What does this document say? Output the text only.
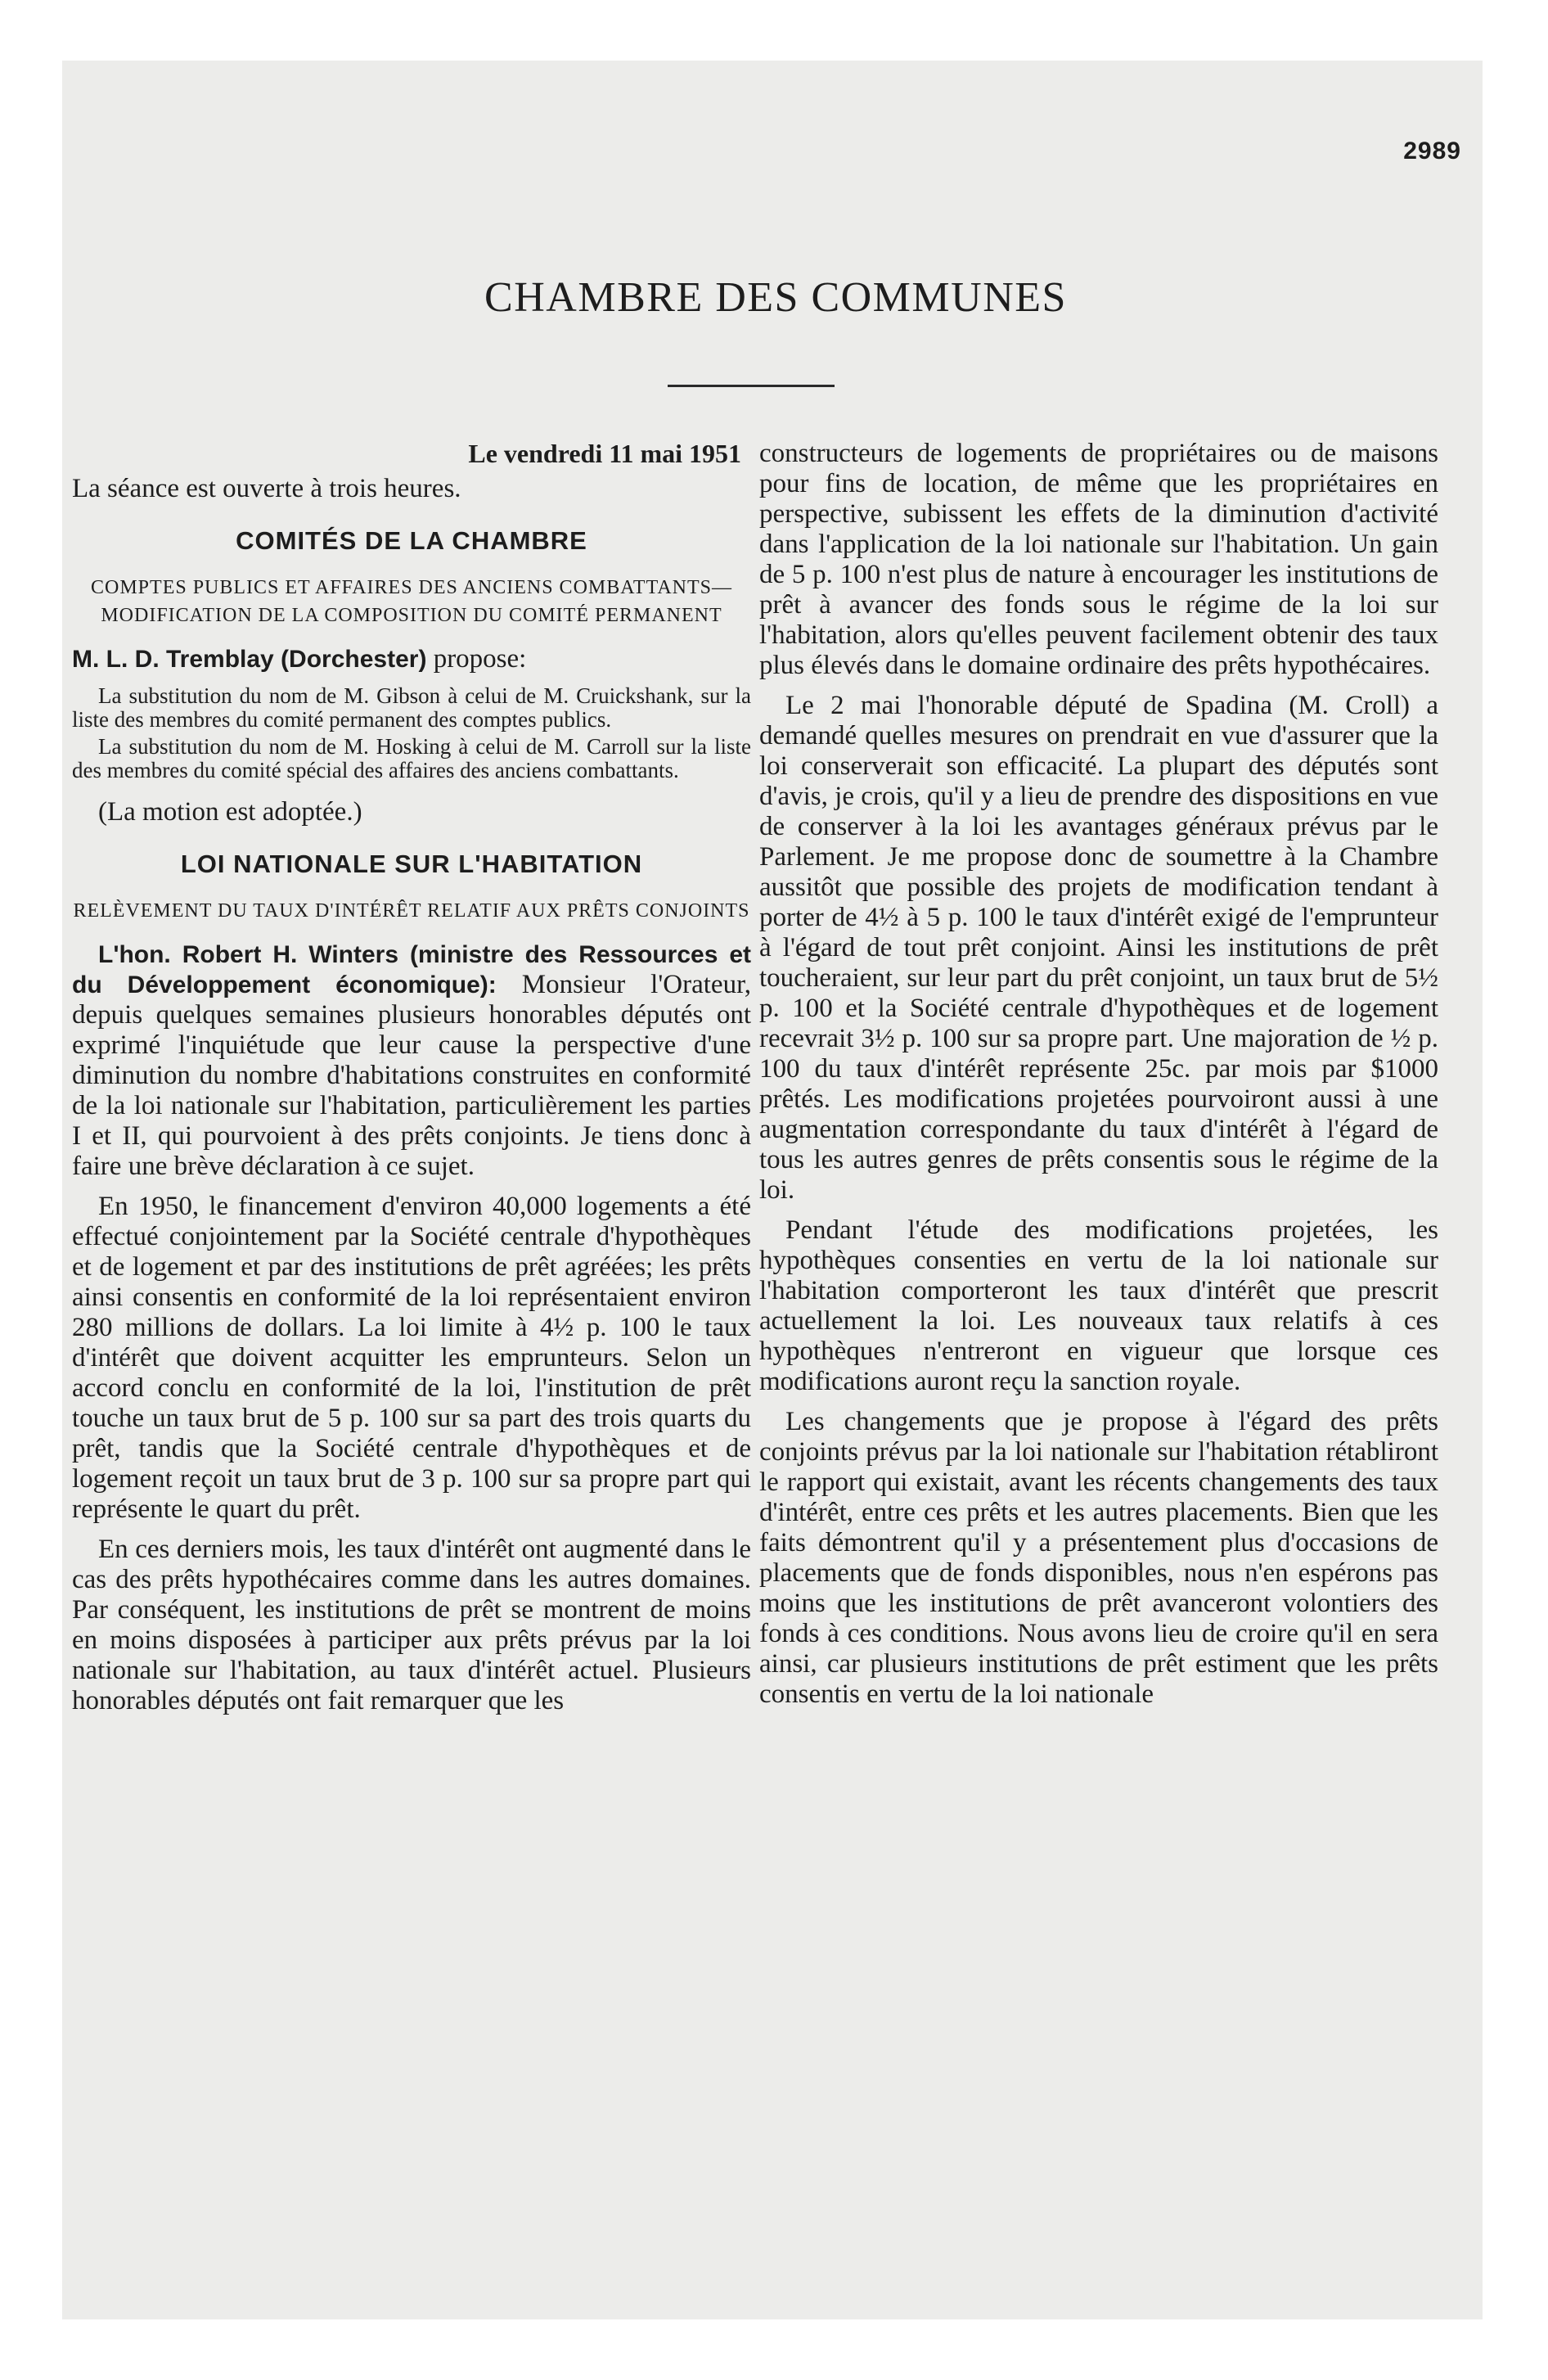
2989
CHAMBRE DES COMMUNES

Le vendredi 11 mai 1951

La séance est ouverte à trois heures.

COMITÉS DE LA CHAMBRE
COMPTES PUBLICS ET AFFAIRES DES ANCIENS COMBATTANTS—MODIFICATION DE LA COMPOSITION DU COMITÉ PERMANENT

M. L. D. Tremblay (Dorchester) propose:

La substitution du nom de M. Gibson à celui de M. Cruickshank, sur la liste des membres du comité permanent des comptes publics.

La substitution du nom de M. Hosking à celui de M. Carroll sur la liste des membres du comité spécial des affaires des anciens combattants.

(La motion est adoptée.)

LOI NATIONALE SUR L'HABITATION
RELÈVEMENT DU TAUX D'INTÉRÊT RELATIF AUX PRÊTS CONJOINTS

L'hon. Robert H. Winters (ministre des Ressources et du Développement économique): Monsieur l'Orateur, depuis quelques semaines plusieurs honorables députés ont exprimé l'inquiétude que leur cause la perspective d'une diminution du nombre d'habitations construites en conformité de la loi nationale sur l'habitation, particulièrement les parties I et II, qui pourvoient à des prêts conjoints. Je tiens donc à faire une brève déclaration à ce sujet.

En 1950, le financement d'environ 40,000 logements a été effectué conjointement par la Société centrale d'hypothèques et de logement et par des institutions de prêt agréées; les prêts ainsi consentis en conformité de la loi représentaient environ 280 millions de dollars. La loi limite à 4½ p. 100 le taux d'intérêt que doivent acquitter les emprunteurs. Selon un accord conclu en conformité de la loi, l'institution de prêt touche un taux brut de 5 p. 100 sur sa part des trois quarts du prêt, tandis que la Société centrale d'hypothèques et de logement reçoit un taux brut de 3 p. 100 sur sa propre part qui représente le quart du prêt.

En ces derniers mois, les taux d'intérêt ont augmenté dans le cas des prêts hypothécaires comme dans les autres domaines. Par conséquent, les institutions de prêt se montrent de moins en moins disposées à participer aux prêts prévus par la loi nationale sur l'habitation, au taux d'intérêt actuel. Plusieurs honorables députés ont fait remarquer que les

constructeurs de logements de propriétaires ou de maisons pour fins de location, de même que les propriétaires en perspective, subissent les effets de la diminution d'activité dans l'application de la loi nationale sur l'habitation. Un gain de 5 p. 100 n'est plus de nature à encourager les institutions de prêt à avancer des fonds sous le régime de la loi sur l'habitation, alors qu'elles peuvent facilement obtenir des taux plus élevés dans le domaine ordinaire des prêts hypothécaires.

Le 2 mai l'honorable député de Spadina (M. Croll) a demandé quelles mesures on prendrait en vue d'assurer que la loi conserverait son efficacité. La plupart des députés sont d'avis, je crois, qu'il y a lieu de prendre des dispositions en vue de conserver à la loi les avantages généraux prévus par le Parlement. Je me propose donc de soumettre à la Chambre aussitôt que possible des projets de modification tendant à porter de 4½ à 5 p. 100 le taux d'intérêt exigé de l'emprunteur à l'égard de tout prêt conjoint. Ainsi les institutions de prêt toucheraient, sur leur part du prêt conjoint, un taux brut de 5½ p. 100 et la Société centrale d'hypothèques et de logement recevrait 3½ p. 100 sur sa propre part. Une majoration de ½ p. 100 du taux d'intérêt représente 25c. par mois par $1000 prêtés. Les modifications projetées pourvoiront aussi à une augmentation correspondante du taux d'intérêt à l'égard de tous les autres genres de prêts consentis sous le régime de la loi.

Pendant l'étude des modifications projetées, les hypothèques consenties en vertu de la loi nationale sur l'habitation comporteront les taux d'intérêt que prescrit actuellement la loi. Les nouveaux taux relatifs à ces hypothèques n'entreront en vigueur que lorsque ces modifications auront reçu la sanction royale.

Les changements que je propose à l'égard des prêts conjoints prévus par la loi nationale sur l'habitation rétabliront le rapport qui existait, avant les récents changements des taux d'intérêt, entre ces prêts et les autres placements. Bien que les faits démontrent qu'il y a présentement plus d'occasions de placements que de fonds disponibles, nous n'en espérons pas moins que les institutions de prêt avanceront volontiers des fonds à ces conditions. Nous avons lieu de croire qu'il en sera ainsi, car plusieurs institutions de prêt estiment que les prêts consentis en vertu de la loi nationale
